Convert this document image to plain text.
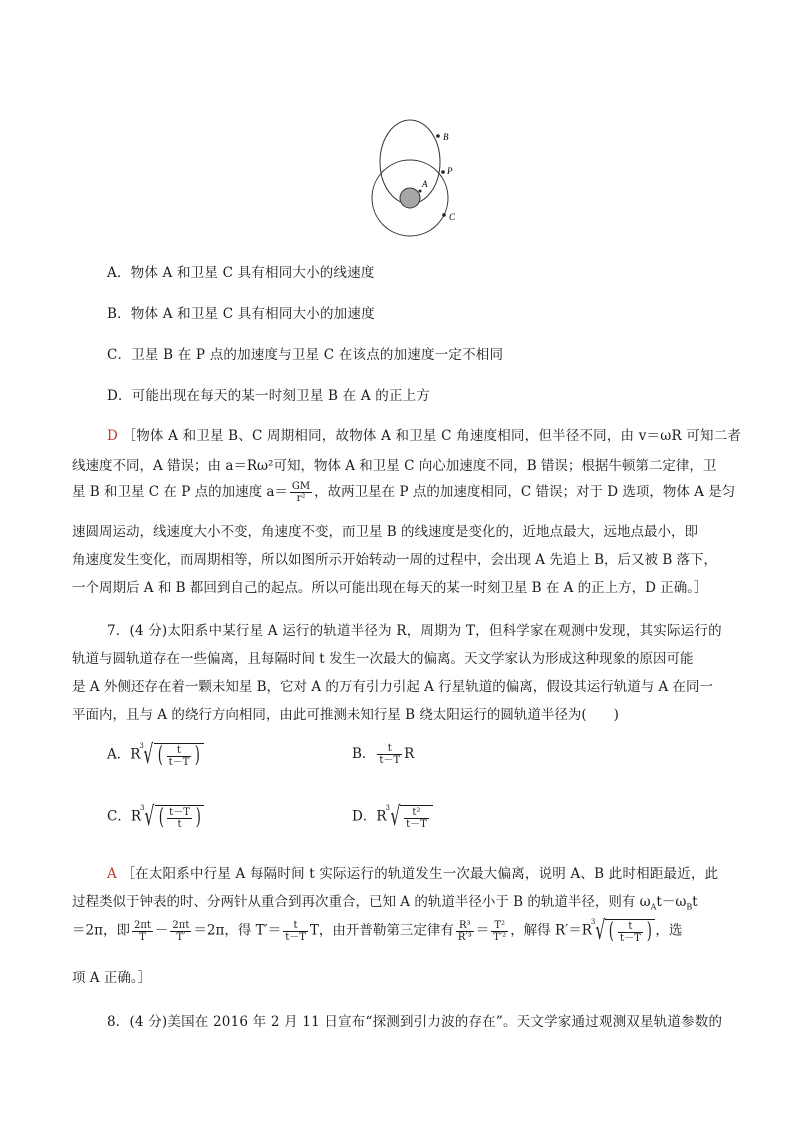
B
P
A
C
A．物体 A 和卫星 C 具有相同大小的线速度
B．物体 A 和卫星 C 具有相同大小的加速度
C．卫星 B 在 P 点的加速度与卫星 C 在该点的加速度一定不相同
D．可能出现在每天的某一时刻卫星 B 在 A 的正上方
D ［物体 A 和卫星 B、C 周期相同，故物体 A 和卫星 C 角速度相同，但半径不同，由 v＝ωR 可知二者
线速度不同，A 错误；由 a＝Rω²可知，物体 A 和卫星 C 向心加速度不同，B 错误；根据牛顿第二定律，卫
星 B 和卫星 C 在 P 点的加速度 $a= \frac{GM}{\text{r²}}$ ，故两卫星在 P 点的加速度相同，C 错误；对于 D 选项，物体 A 是匀
速圆周运动，线速度大小不变，角速度不变，而卫星 B 的线速度是变化的，近地点最大，远地点最小，即
角速度发生变化，而周期相等，所以如图所示开始转动一周的过程中，会出现 A 先追上 B，后又被 B 落下，
一个周期后 A 和 B 都回到自己的起点。所以可能出现在每天的某一时刻卫星 B 在 A 的正上方，D 正确。］
7．(4 分)太阳系中某行星 A 运行的轨道半径为 R，周期为 T，但科学家在观测中发现，其实际运行的
轨道与圆轨道存在一些偏离，且每隔时间 t 发生一次最大的偏离。天文学家认为形成这种现象的原因可能
是 A 外侧还存在着一颗未知星 B，它对 A 的万有引力引起 A 行星轨道的偏离，假设其运行轨道与 A 在同一
平面内，且与 A 的绕行方向相同，由此可推测未知行星 B 绕太阳运行的圆轨道半径为(　　)
A．R
3 √ ( $\frac{t}{t-T}$ )	B． $\frac{t}{t-T}$ R
C．R
3 √ ( $\frac{t-T}{t}$ )	D．R
3 √ $\frac{\text{t²}}{t-T}$
A ［在太阳系中行星 A 每隔时间 t 实际运行的轨道发生一次最大偏离，说明 A、B 此时相距最近，此
过程类似于钟表的时、分两针从重合到再次重合，已知 A 的轨道半径小于 B 的轨道半径，则有 $\omega_At-\omega_Bt$
＝2π，即 $\frac{2\pi t}{T} - \frac{2\pi t}{T'} =2\pi$，得 $T'= \frac{t}{t-T}$ T，由开普勒第三定律有 $\frac{\text{R³}}{\text{R′³}} = \frac{\text{T²}}{\text{T′²}}$ ，解得 R′＝R
3 √ ( $\frac{t}{t-T}$ ) ，选
项 A 正确。］
8．(4 分)美国在 2016 年 2 月 11 日宣布“探测到引力波的存在”。天文学家通过观测双星轨道参数的
